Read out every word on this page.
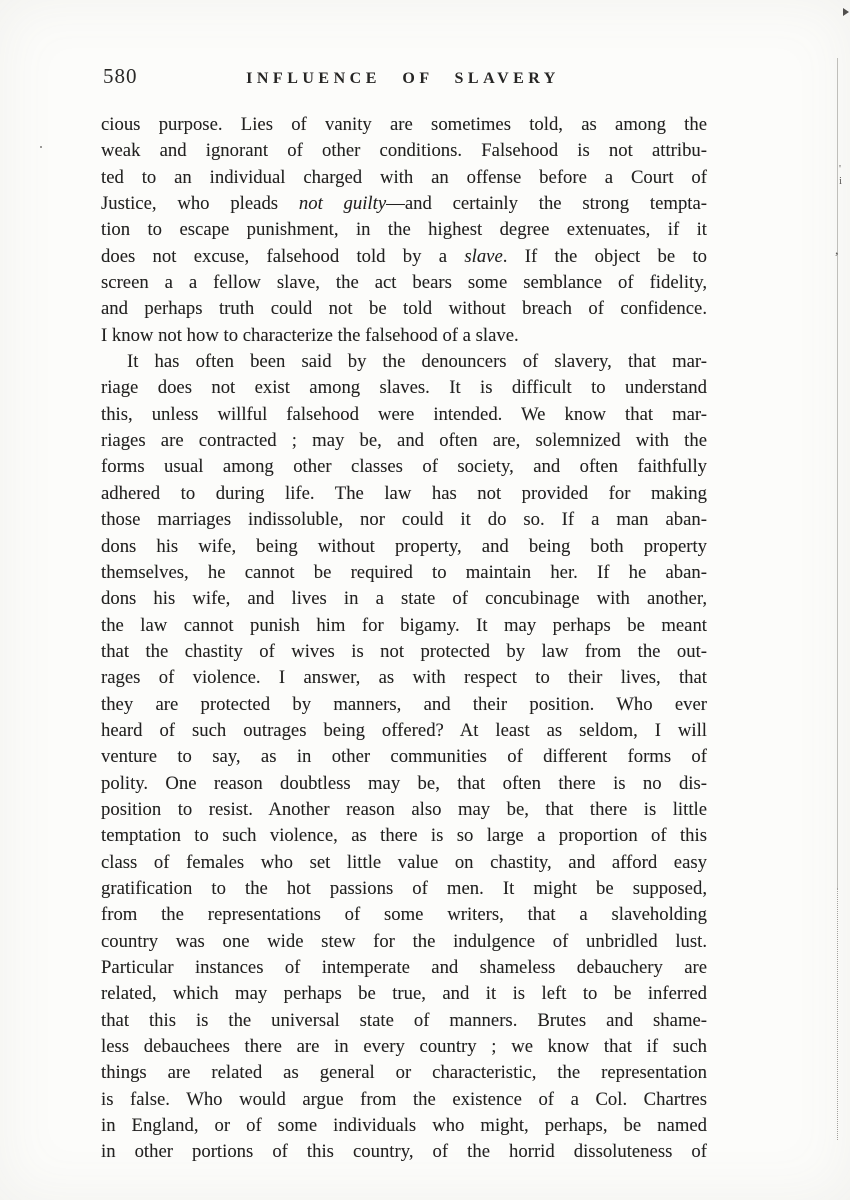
580	INFLUENCE OF SLAVERY
cious purpose. Lies of vanity are sometimes told, as among the
weak and ignorant of other conditions. Falsehood is not attribu-
ted to an individual charged with an offense before a Court of
Justice, who pleads not guilty—and certainly the strong tempta-
tion to escape punishment, in the highest degree extenuates, if it
does not excuse, falsehood told by a slave. If the object be to
screen a a fellow slave, the act bears some semblance of fidelity,
and perhaps truth could not be told without breach of confidence.
I know not how to characterize the falsehood of a slave.
It has often been said by the denouncers of slavery, that mar-
riage does not exist among slaves. It is difficult to understand
this, unless willful falsehood were intended. We know that mar-
riages are contracted ; may be, and often are, solemnized with the
forms usual among other classes of society, and often faithfully
adhered to during life. The law has not provided for making
those marriages indissoluble, nor could it do so. If a man aban-
dons his wife, being without property, and being both property
themselves, he cannot be required to maintain her. If he aban-
dons his wife, and lives in a state of concubinage with another,
the law cannot punish him for bigamy. It may perhaps be meant
that the chastity of wives is not protected by law from the out-
rages of violence. I answer, as with respect to their lives, that
they are protected by manners, and their position. Who ever
heard of such outrages being offered? At least as seldom, I will
venture to say, as in other communities of different forms of
polity. One reason doubtless may be, that often there is no dis-
position to resist. Another reason also may be, that there is little
temptation to such violence, as there is so large a proportion of this
class of females who set little value on chastity, and afford easy
gratification to the hot passions of men. It might be supposed,
from the representations of some writers, that a slaveholding
country was one wide stew for the indulgence of unbridled lust.
Particular instances of intemperate and shameless debauchery are
related, which may perhaps be true, and it is left to be inferred
that this is the universal state of manners. Brutes and shame-
less debauchees there are in every country ; we know that if such
things are related as general or characteristic, the representation
is false. Who would argue from the existence of a Col. Chartres
in England, or of some individuals who might, perhaps, be named
in other portions of this country, of the horrid dissoluteness of
' i
,
